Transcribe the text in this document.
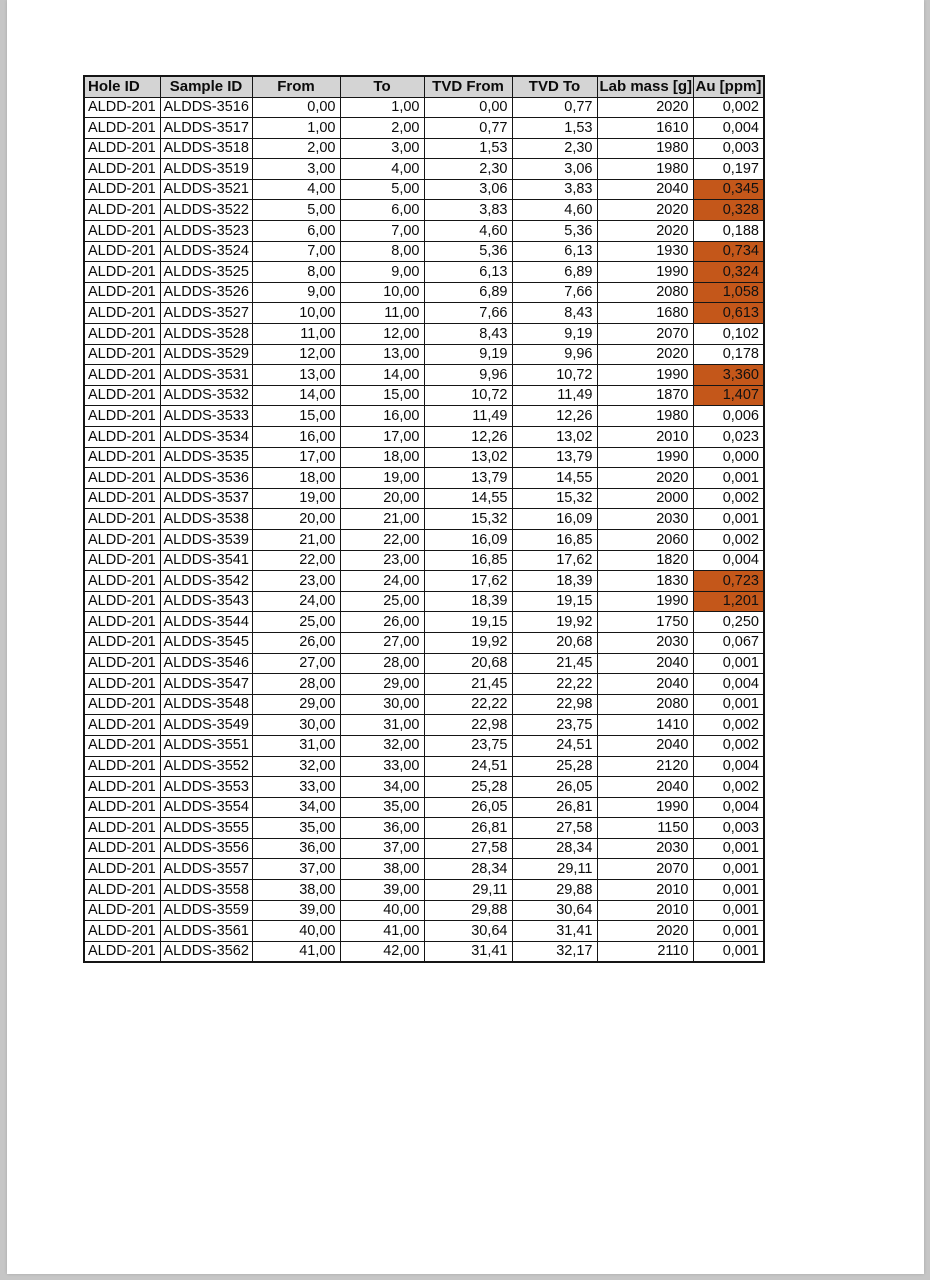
Hole ID	Sample ID	From	To	TVD From	TVD To	Lab mass [g]	Au [ppm]
ALDD-201	ALDDS-3516	0,00	1,00	0,00	0,77	2020	0,002
ALDD-201	ALDDS-3517	1,00	2,00	0,77	1,53	1610	0,004
ALDD-201	ALDDS-3518	2,00	3,00	1,53	2,30	1980	0,003
ALDD-201	ALDDS-3519	3,00	4,00	2,30	3,06	1980	0,197
ALDD-201	ALDDS-3521	4,00	5,00	3,06	3,83	2040	0,345
ALDD-201	ALDDS-3522	5,00	6,00	3,83	4,60	2020	0,328
ALDD-201	ALDDS-3523	6,00	7,00	4,60	5,36	2020	0,188
ALDD-201	ALDDS-3524	7,00	8,00	5,36	6,13	1930	0,734
ALDD-201	ALDDS-3525	8,00	9,00	6,13	6,89	1990	0,324
ALDD-201	ALDDS-3526	9,00	10,00	6,89	7,66	2080	1,058
ALDD-201	ALDDS-3527	10,00	11,00	7,66	8,43	1680	0,613
ALDD-201	ALDDS-3528	11,00	12,00	8,43	9,19	2070	0,102
ALDD-201	ALDDS-3529	12,00	13,00	9,19	9,96	2020	0,178
ALDD-201	ALDDS-3531	13,00	14,00	9,96	10,72	1990	3,360
ALDD-201	ALDDS-3532	14,00	15,00	10,72	11,49	1870	1,407
ALDD-201	ALDDS-3533	15,00	16,00	11,49	12,26	1980	0,006
ALDD-201	ALDDS-3534	16,00	17,00	12,26	13,02	2010	0,023
ALDD-201	ALDDS-3535	17,00	18,00	13,02	13,79	1990	0,000
ALDD-201	ALDDS-3536	18,00	19,00	13,79	14,55	2020	0,001
ALDD-201	ALDDS-3537	19,00	20,00	14,55	15,32	2000	0,002
ALDD-201	ALDDS-3538	20,00	21,00	15,32	16,09	2030	0,001
ALDD-201	ALDDS-3539	21,00	22,00	16,09	16,85	2060	0,002
ALDD-201	ALDDS-3541	22,00	23,00	16,85	17,62	1820	0,004
ALDD-201	ALDDS-3542	23,00	24,00	17,62	18,39	1830	0,723
ALDD-201	ALDDS-3543	24,00	25,00	18,39	19,15	1990	1,201
ALDD-201	ALDDS-3544	25,00	26,00	19,15	19,92	1750	0,250
ALDD-201	ALDDS-3545	26,00	27,00	19,92	20,68	2030	0,067
ALDD-201	ALDDS-3546	27,00	28,00	20,68	21,45	2040	0,001
ALDD-201	ALDDS-3547	28,00	29,00	21,45	22,22	2040	0,004
ALDD-201	ALDDS-3548	29,00	30,00	22,22	22,98	2080	0,001
ALDD-201	ALDDS-3549	30,00	31,00	22,98	23,75	1410	0,002
ALDD-201	ALDDS-3551	31,00	32,00	23,75	24,51	2040	0,002
ALDD-201	ALDDS-3552	32,00	33,00	24,51	25,28	2120	0,004
ALDD-201	ALDDS-3553	33,00	34,00	25,28	26,05	2040	0,002
ALDD-201	ALDDS-3554	34,00	35,00	26,05	26,81	1990	0,004
ALDD-201	ALDDS-3555	35,00	36,00	26,81	27,58	1150	0,003
ALDD-201	ALDDS-3556	36,00	37,00	27,58	28,34	2030	0,001
ALDD-201	ALDDS-3557	37,00	38,00	28,34	29,11	2070	0,001
ALDD-201	ALDDS-3558	38,00	39,00	29,11	29,88	2010	0,001
ALDD-201	ALDDS-3559	39,00	40,00	29,88	30,64	2010	0,001
ALDD-201	ALDDS-3561	40,00	41,00	30,64	31,41	2020	0,001
ALDD-201	ALDDS-3562	41,00	42,00	31,41	32,17	2110	0,001
